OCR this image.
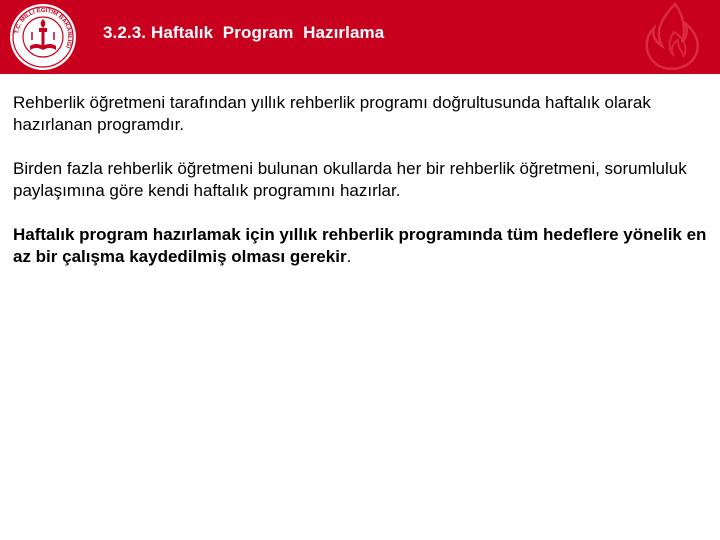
T.C. MİLLÎ EĞİTİM BAKANLIĞI
3.2.3. Haftalık  Program  Hazırlama

Rehberlik öğretmeni tarafından yıllık rehberlik programı doğrultusunda haftalık olarak hazırlanan programdır.

Birden fazla rehberlik öğretmeni bulunan okullarda her bir rehberlik öğretmeni, sorumluluk paylaşımına göre kendi haftalık programını hazırlar.

Haftalık program hazırlamak için yıllık rehberlik programında tüm hedeflere yönelik en az bir çalışma kaydedilmiş olması gerekir.
